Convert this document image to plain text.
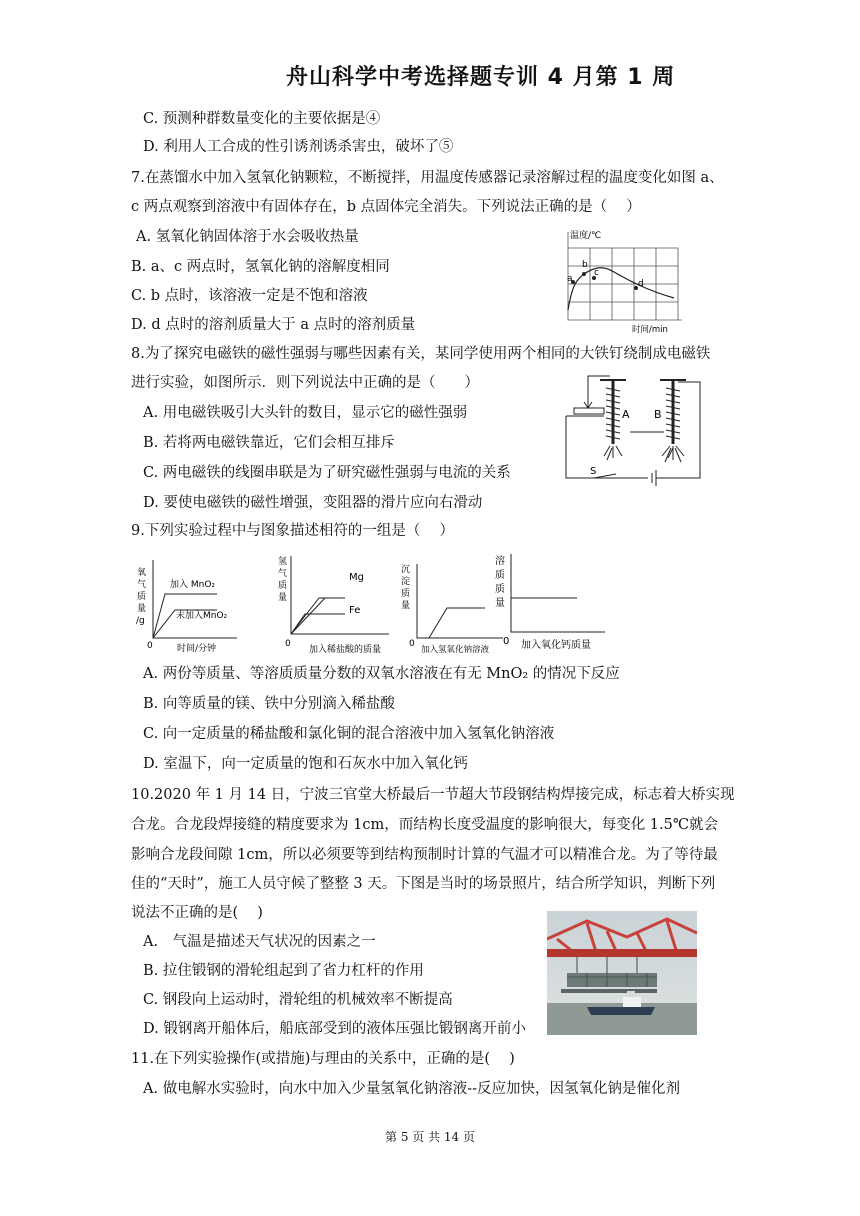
舟山科学中考选择题专训 4 月第 1 周
C. 预测种群数量变化的主要依据是④
D. 利用人工合成的性引诱剂诱杀害虫，破坏了⑤
7.在蒸馏水中加入氢氧化钠颗粒，不断搅拌，用温度传感器记录溶解过程的温度变化如图 a、
c 两点观察到溶液中有固体存在，b 点固体完全消失。下列说法正确的是（　 ）
A. 氢氧化钠固体溶于水会吸收热量
B. a、c 两点时，氢氧化钠的溶解度相同
C. b 点时，该溶液一定是不饱和溶液
D. d 点时的溶剂质量大于 a 点时的溶剂质量
8.为了探究电磁铁的磁性强弱与哪些因素有关，某同学使用两个相同的大铁钉绕制成电磁铁
进行实验，如图所示．则下列说法中正确的是（　　）
A. 用电磁铁吸引大头针的数目，显示它的磁性强弱
B. 若将两电磁铁靠近，它们会相互排斥
C. 两电磁铁的线圈串联是为了研究磁性强弱与电流的关系
D. 要使电磁铁的磁性增强，变阻器的滑片应向右滑动
9.下列实验过程中与图象描述相符的一组是（　 ）
A. 两份等质量、等溶质质量分数的双氧水溶液在有无 MnO₂ 的情况下反应
B. 向等质量的镁、铁中分别滴入稀盐酸
C. 向一定质量的稀盐酸和氯化铜的混合溶液中加入氢氧化钠溶液
D. 室温下，向一定质量的饱和石灰水中加入氧化钙
10.2020 年 1 月 14 日，宁波三官堂大桥最后一节超大节段钢结构焊接完成，标志着大桥实现
合龙。合龙段焊接缝的精度要求为 1cm，而结构长度受温度的影响很大，每变化 1.5℃就会
影响合龙段间隙 1cm，所以必须要等到结构预制时计算的气温才可以精准合龙。为了等待最
佳的“天时”，施工人员守候了整整 3 天。下图是当时的场景照片，结合所学知识，判断下列
说法不正确的是(　 )
A.　气温是描述天气状况的因素之一
B. 拉住锻钢的滑轮组起到了省力杠杆的作用
C. 钢段向上运动时，滑轮组的机械效率不断提高
D. 锻钢离开船体后，船底部受到的液体压强比锻钢离开前小
11.在下列实验操作(或措施)与理由的关系中，正确的是(　 )
A. 做电解水实验时，向水中加入少量氢氧化钠溶液--反应加快，因氢氧化钠是催化剂
a
b
c
d
温度/℃
时间/min
A B
S
氧
气
质
量
/g
加入 MnO₂
未加入MnO₂
0	时间/分钟
氢
气
质
量
Mg
Fe
0
加入稀盐酸的质量
沉
淀
质
量
0
加入氢氧化钠溶液
溶
质
质
量
0 加入氧化钙质量
第 5 页 共 14 页
